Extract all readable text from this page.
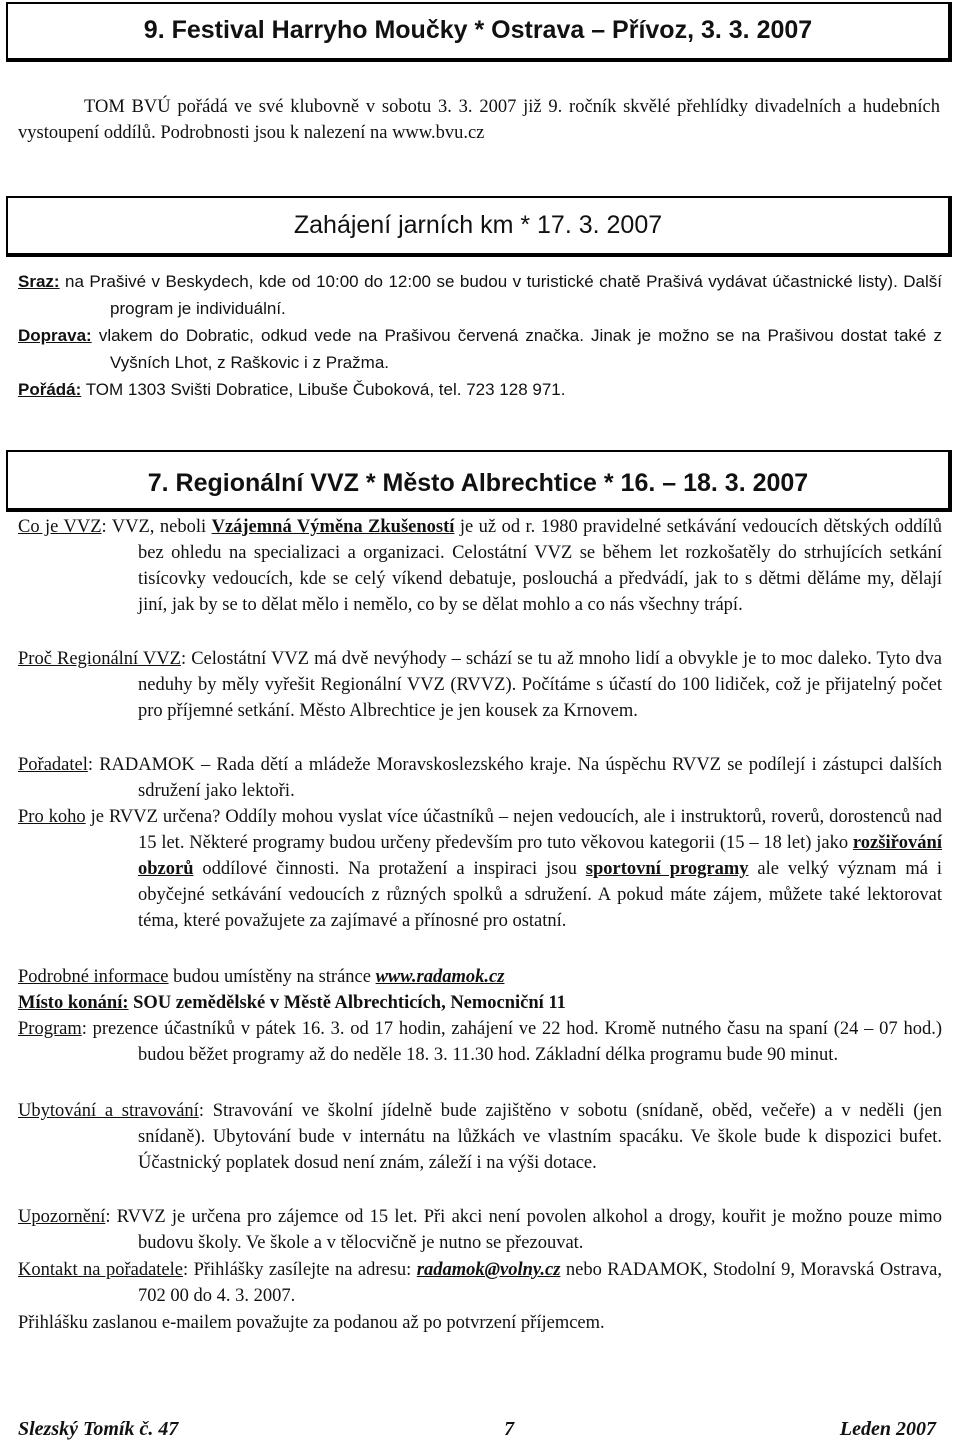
9. Festival Harryho Moučky * Ostrava – Přívoz, 3. 3. 2007
TOM BVÚ pořádá ve své klubovně v sobotu 3. 3. 2007 již 9. ročník skvělé přehlídky divadelních a hudebních vystoupení oddílů. Podrobnosti jsou k nalezení na www.bvu.cz
Zahájení jarních km * 17. 3. 2007
Sraz: na Prašivé v Beskydech, kde od 10:00 do 12:00 se budou v turistické chatě Prašivá vydávat účastnické listy). Další program je individuální.
Doprava: vlakem do Dobratic, odkud vede na Prašivou červená značka. Jinak je možno se na Prašivou dostat také z Vyšních Lhot, z Raškovic i z Pražma.
Pořádá: TOM 1303 Svišti Dobratice, Libuše Čuboková, tel. 723 128 971.
7. Regionální VVZ * Město Albrechtice * 16. – 18. 3. 2007
Co je VVZ: VVZ, neboli Vzájemná Výměna Zkušeností je už od r. 1980 pravidelné setkávání vedoucích dětských oddílů bez ohledu na specializaci a organizaci. Celostátní VVZ se během let rozkošatěly do strhujících setkání tisícovky vedoucích, kde se celý víkend debatuje, poslouchá a předvádí, jak to s dětmi děláme my, dělají jiní, jak by se to dělat mělo i nemělo, co by se dělat mohlo a co nás všechny trápí.
Proč Regionální VVZ: Celostátní VVZ má dvě nevýhody – schází se tu až mnoho lidí a obvykle je to moc daleko. Tyto dva neduhy by měly vyřešit Regionální VVZ (RVVZ). Počítáme s účastí do 100 lidiček, což je přijatelný počet pro příjemné setkání. Město Albrechtice je jen kousek za Krnovem.
Pořadatel: RADAMOK – Rada dětí a mládeže Moravskoslezského kraje. Na úspěchu RVVZ se podílejí i zástupci dalších sdružení jako lektoři.
Pro koho je RVVZ určena? Oddíly mohou vyslat více účastníků – nejen vedoucích, ale i instruktorů, roverů, dorostenců nad 15 let. Některé programy budou určeny především pro tuto věkovou kategorii (15 – 18 let) jako rozšiřování obzorů oddílové činnosti. Na protažení a inspiraci jsou sportovní programy ale velký význam má i obyčejné setkávání vedoucích z různých spolků a sdružení. A pokud máte zájem, můžete také lektorovat téma, které považujete za zajímavé a přínosné pro ostatní.
Podrobné informace budou umístěny na stránce www.radamok.cz
Místo konání: SOU zemědělské v Městě Albrechticích, Nemocniční 11
Program: prezence účastníků v pátek 16. 3. od 17 hodin, zahájení ve 22 hod. Kromě nutného času na spaní (24 – 07 hod.) budou běžet programy až do neděle 18. 3. 11.30 hod. Základní délka programu bude 90 minut.
Ubytování a stravování: Stravování ve školní jídelně bude zajištěno v sobotu (snídaně, oběd, večeře) a v neděli (jen snídaně). Ubytování bude v internátu na lůžkách ve vlastním spacáku. Ve škole bude k dispozici bufet. Účastnický poplatek dosud není znám, záleží i na výši dotace.
Upozornění: RVVZ je určena pro zájemce od 15 let. Při akci není povolen alkohol a drogy, kouřit je možno pouze mimo budovu školy. Ve škole a v tělocvičně je nutno se přezouvat.
Kontakt na pořadatele: Přihlášky zasílejte na adresu: radamok@volny.cz nebo RADAMOK, Stodolní 9, Moravská Ostrava, 702 00 do 4. 3. 2007.
Přihlášku zaslanou e-mailem považujte za podanou až po potvrzení příjemcem.
Slezský Tomík č. 47	7	Leden 2007
